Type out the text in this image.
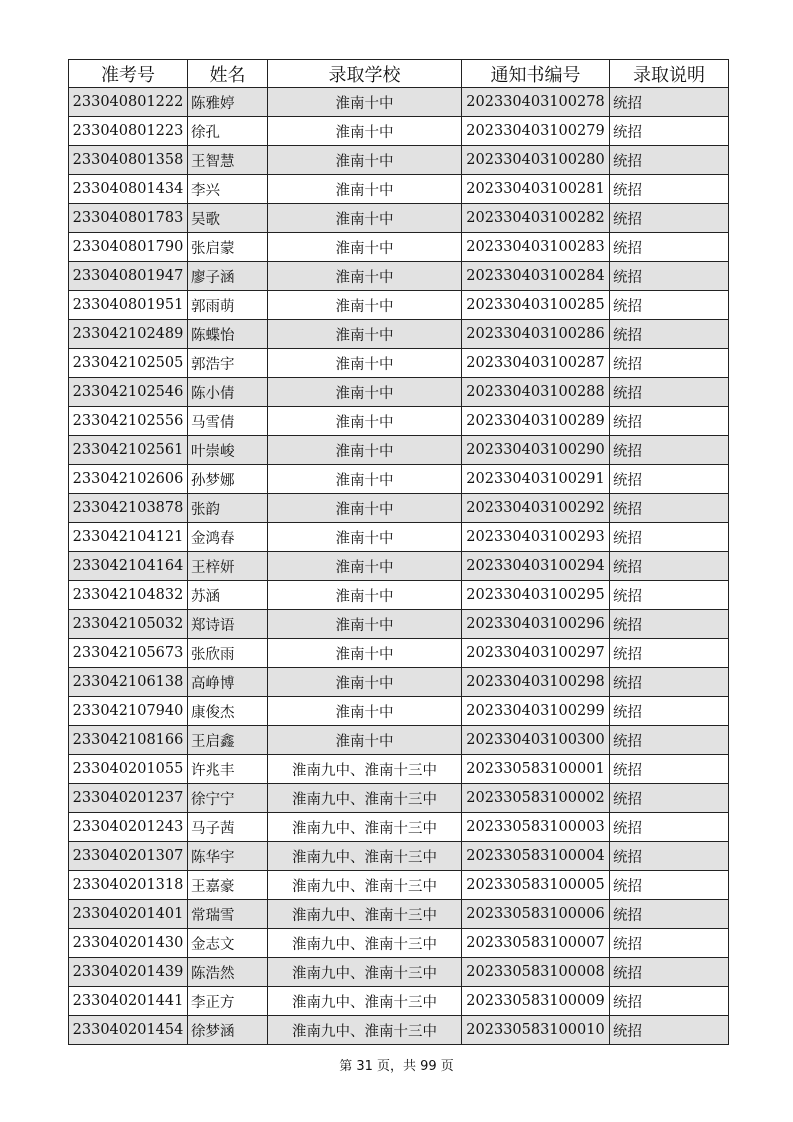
准考号	姓名	录取学校	通知书编号	录取说明
233040801222	陈雅婷	淮南十中	202330403100278	统招
233040801223	徐孔	淮南十中	202330403100279	统招
233040801358	王智慧	淮南十中	202330403100280	统招
233040801434	李兴	淮南十中	202330403100281	统招
233040801783	吴歌	淮南十中	202330403100282	统招
233040801790	张启蒙	淮南十中	202330403100283	统招
233040801947	廖子涵	淮南十中	202330403100284	统招
233040801951	郭雨萌	淮南十中	202330403100285	统招
233042102489	陈蝶怡	淮南十中	202330403100286	统招
233042102505	郭浩宇	淮南十中	202330403100287	统招
233042102546	陈小倩	淮南十中	202330403100288	统招
233042102556	马雪倩	淮南十中	202330403100289	统招
233042102561	叶崇峻	淮南十中	202330403100290	统招
233042102606	孙梦娜	淮南十中	202330403100291	统招
233042103878	张韵	淮南十中	202330403100292	统招
233042104121	金鸿春	淮南十中	202330403100293	统招
233042104164	王梓妍	淮南十中	202330403100294	统招
233042104832	苏涵	淮南十中	202330403100295	统招
233042105032	郑诗语	淮南十中	202330403100296	统招
233042105673	张欣雨	淮南十中	202330403100297	统招
233042106138	高峥博	淮南十中	202330403100298	统招
233042107940	康俊杰	淮南十中	202330403100299	统招
233042108166	王启鑫	淮南十中	202330403100300	统招
233040201055	许兆丰	淮南九中、淮南十三中	202330583100001	统招
233040201237	徐宁宁	淮南九中、淮南十三中	202330583100002	统招
233040201243	马子茜	淮南九中、淮南十三中	202330583100003	统招
233040201307	陈华宇	淮南九中、淮南十三中	202330583100004	统招
233040201318	王嘉豪	淮南九中、淮南十三中	202330583100005	统招
233040201401	常瑞雪	淮南九中、淮南十三中	202330583100006	统招
233040201430	金志文	淮南九中、淮南十三中	202330583100007	统招
233040201439	陈浩然	淮南九中、淮南十三中	202330583100008	统招
233040201441	李正方	淮南九中、淮南十三中	202330583100009	统招
233040201454	徐梦涵	淮南九中、淮南十三中	202330583100010	统招
第 31 页，共 99 页
